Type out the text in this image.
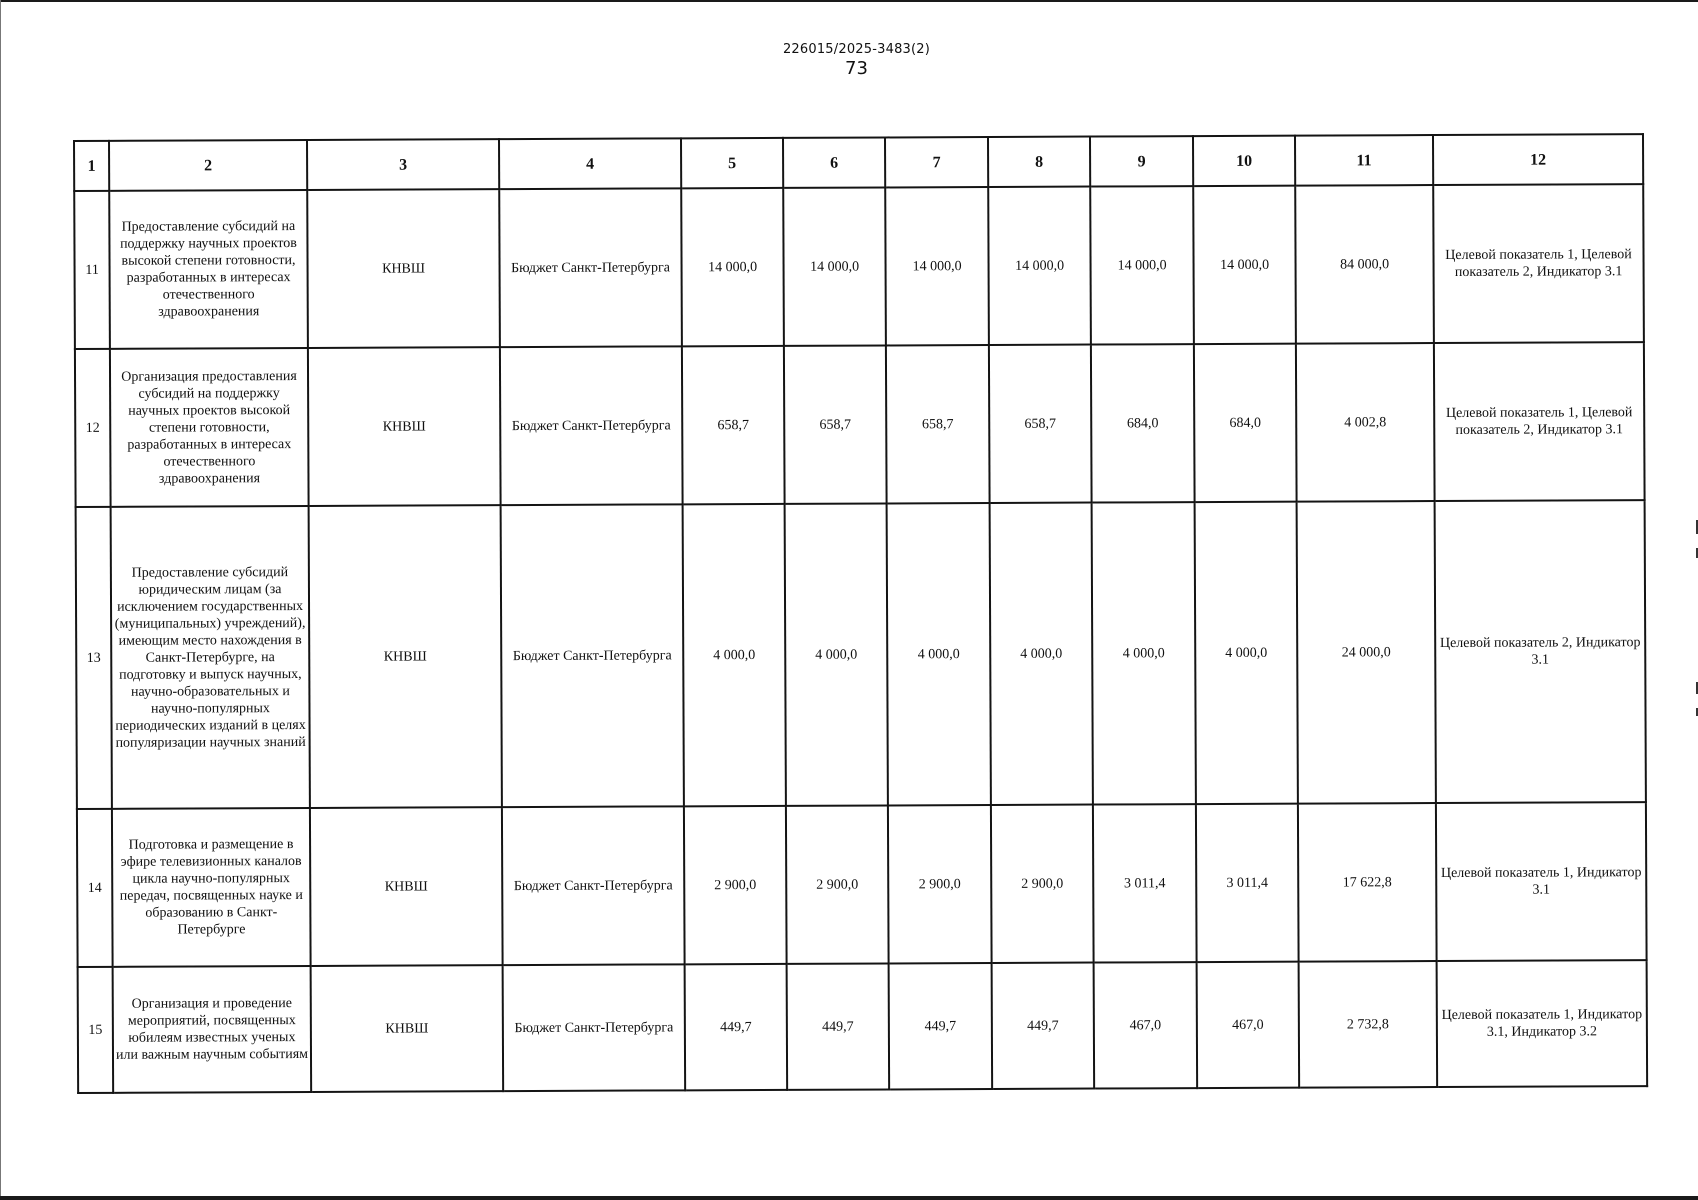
226015/2025-3483(2)
73
1	2	3	4	5	6	7	8	9	10	11	12
11	Предоставление субсидий на поддержку научных проектов высокой степени готовности, разработанных в интересах отечественного здравоохранения	КНВШ	Бюджет Санкт-Петербурга	14 000,0	14 000,0	14 000,0	14 000,0	14 000,0	14 000,0	84 000,0	Целевой показатель 1, Целевой показатель 2, Индикатор 3.1
12	Организация предоставления субсидий на поддержку научных проектов высокой степени готовности, разработанных в интересах отечественного здравоохранения	КНВШ	Бюджет Санкт-Петербурга	658,7	658,7	658,7	658,7	684,0	684,0	4 002,8	Целевой показатель 1, Целевой показатель 2, Индикатор 3.1
13	Предоставление субсидий юридическим лицам (за исключением государственных (муниципальных) учреждений), имеющим место нахождения в Санкт-Петербурге, на подготовку и выпуск научных, научно-образовательных и научно-популярных периодических изданий в целях популяризации научных знаний	КНВШ	Бюджет Санкт-Петербурга	4 000,0	4 000,0	4 000,0	4 000,0	4 000,0	4 000,0	24 000,0	Целевой показатель 2, Индикатор 3.1
14	Подготовка и размещение в эфире телевизионных каналов цикла научно-популярных передач, посвященных науке и образованию в Санкт-Петербурге	КНВШ	Бюджет Санкт-Петербурга	2 900,0	2 900,0	2 900,0	2 900,0	3 011,4	3 011,4	17 622,8	Целевой показатель 1, Индикатор 3.1
15	Организация и проведение мероприятий, посвященных юбилеям известных ученых или важным научным событиям	КНВШ	Бюджет Санкт-Петербурга	449,7	449,7	449,7	449,7	467,0	467,0	2 732,8	Целевой показатель 1, Индикатор 3.1, Индикатор 3.2
